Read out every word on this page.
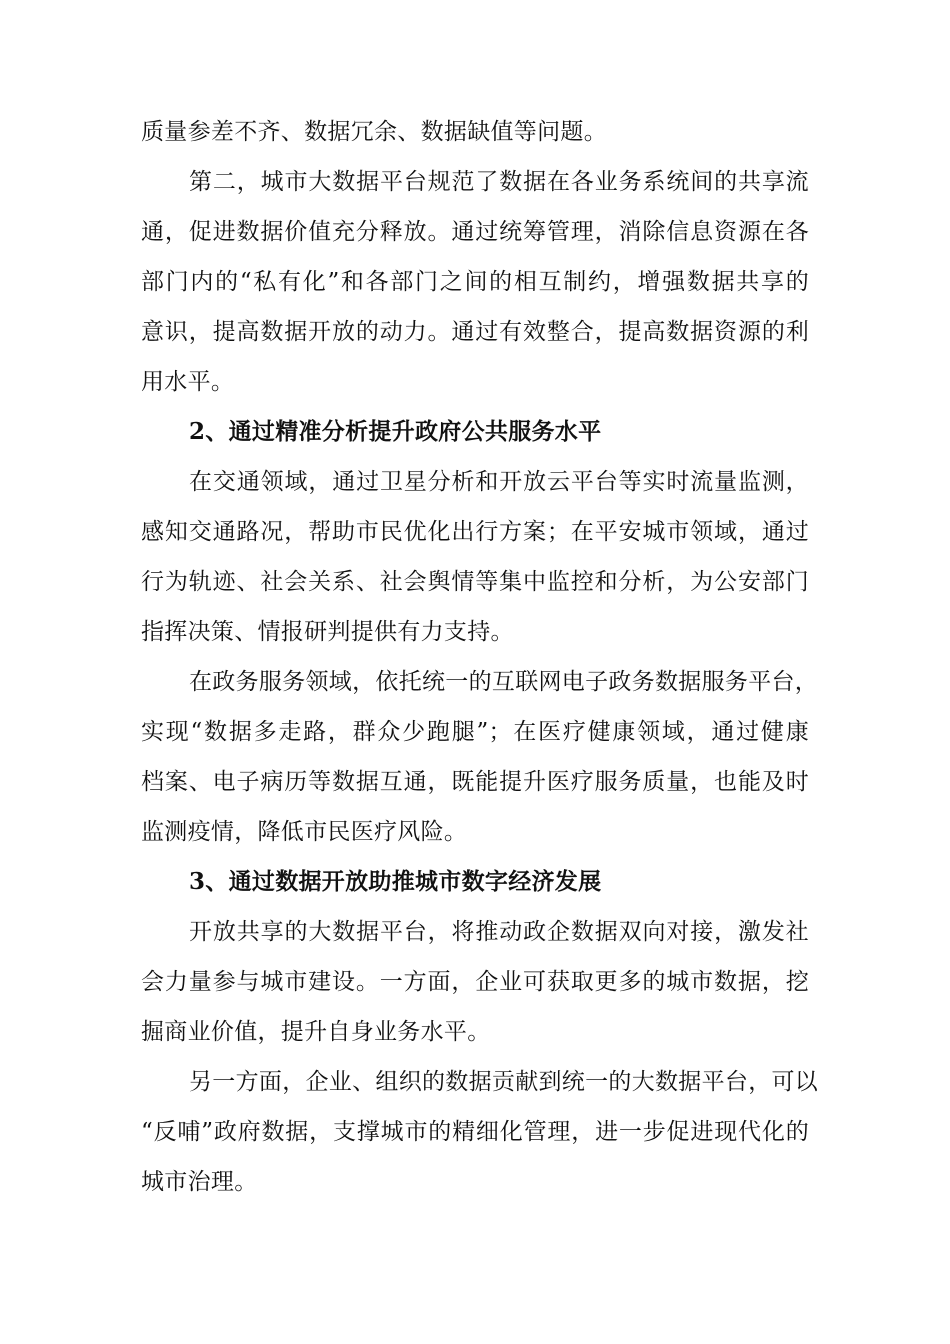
质量参差不齐、数据冗余、数据缺值等问题。
第二，城市大数据平台规范了数据在各业务系统间的共享流
通，促进数据价值充分释放。通过统筹管理，消除信息资源在各
部门内的“私有化”和各部门之间的相互制约，增强数据共享的
意识，提高数据开放的动力。通过有效整合，提高数据资源的利
用水平。
2、通过精准分析提升政府公共服务水平
在交通领域，通过卫星分析和开放云平台等实时流量监测，
感知交通路况，帮助市民优化出行方案；在平安城市领域，通过
行为轨迹、社会关系、社会舆情等集中监控和分析，为公安部门
指挥决策、情报研判提供有力支持。
在政务服务领域，依托统一的互联网电子政务数据服务平台，
实现“数据多走路，群众少跑腿”；在医疗健康领域，通过健康
档案、电子病历等数据互通，既能提升医疗服务质量，也能及时
监测疫情，降低市民医疗风险。
3、通过数据开放助推城市数字经济发展
开放共享的大数据平台，将推动政企数据双向对接，激发社
会力量参与城市建设。一方面，企业可获取更多的城市数据，挖
掘商业价值，提升自身业务水平。
另一方面，企业、组织的数据贡献到统一的大数据平台，可以
“反哺”政府数据，支撑城市的精细化管理，进一步促进现代化的
城市治理。
